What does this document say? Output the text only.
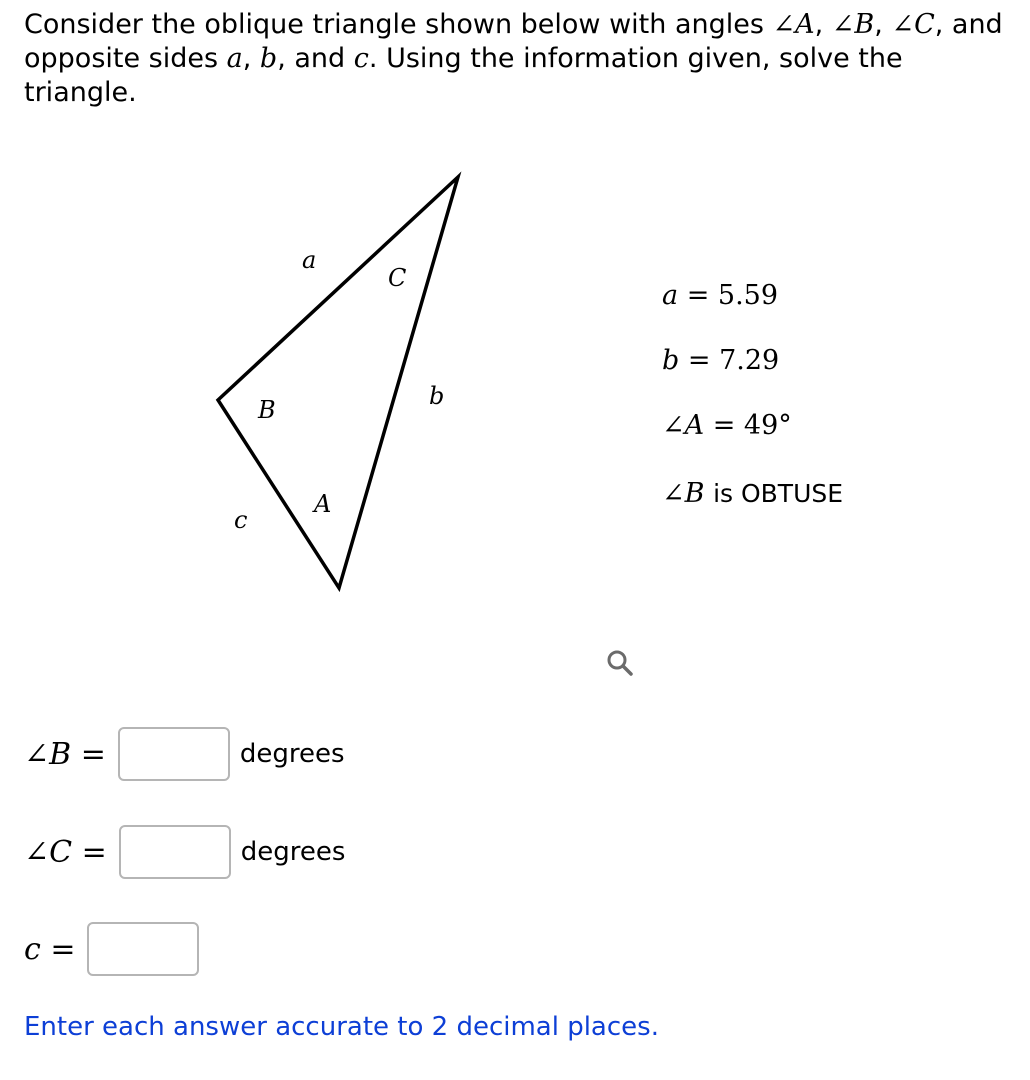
Consider the oblique triangle shown below with angles ∠A, ∠B, ∠C, and opposite sides a, b, and c. Using the information given, solve the triangle.

a
C
b
B
A
c
a = 5.59
b = 7.29
∠A = 49°
∠B is OBTUSE
∠B =	degrees
∠C =	degrees
c =

Enter each answer accurate to 2 decimal places.
